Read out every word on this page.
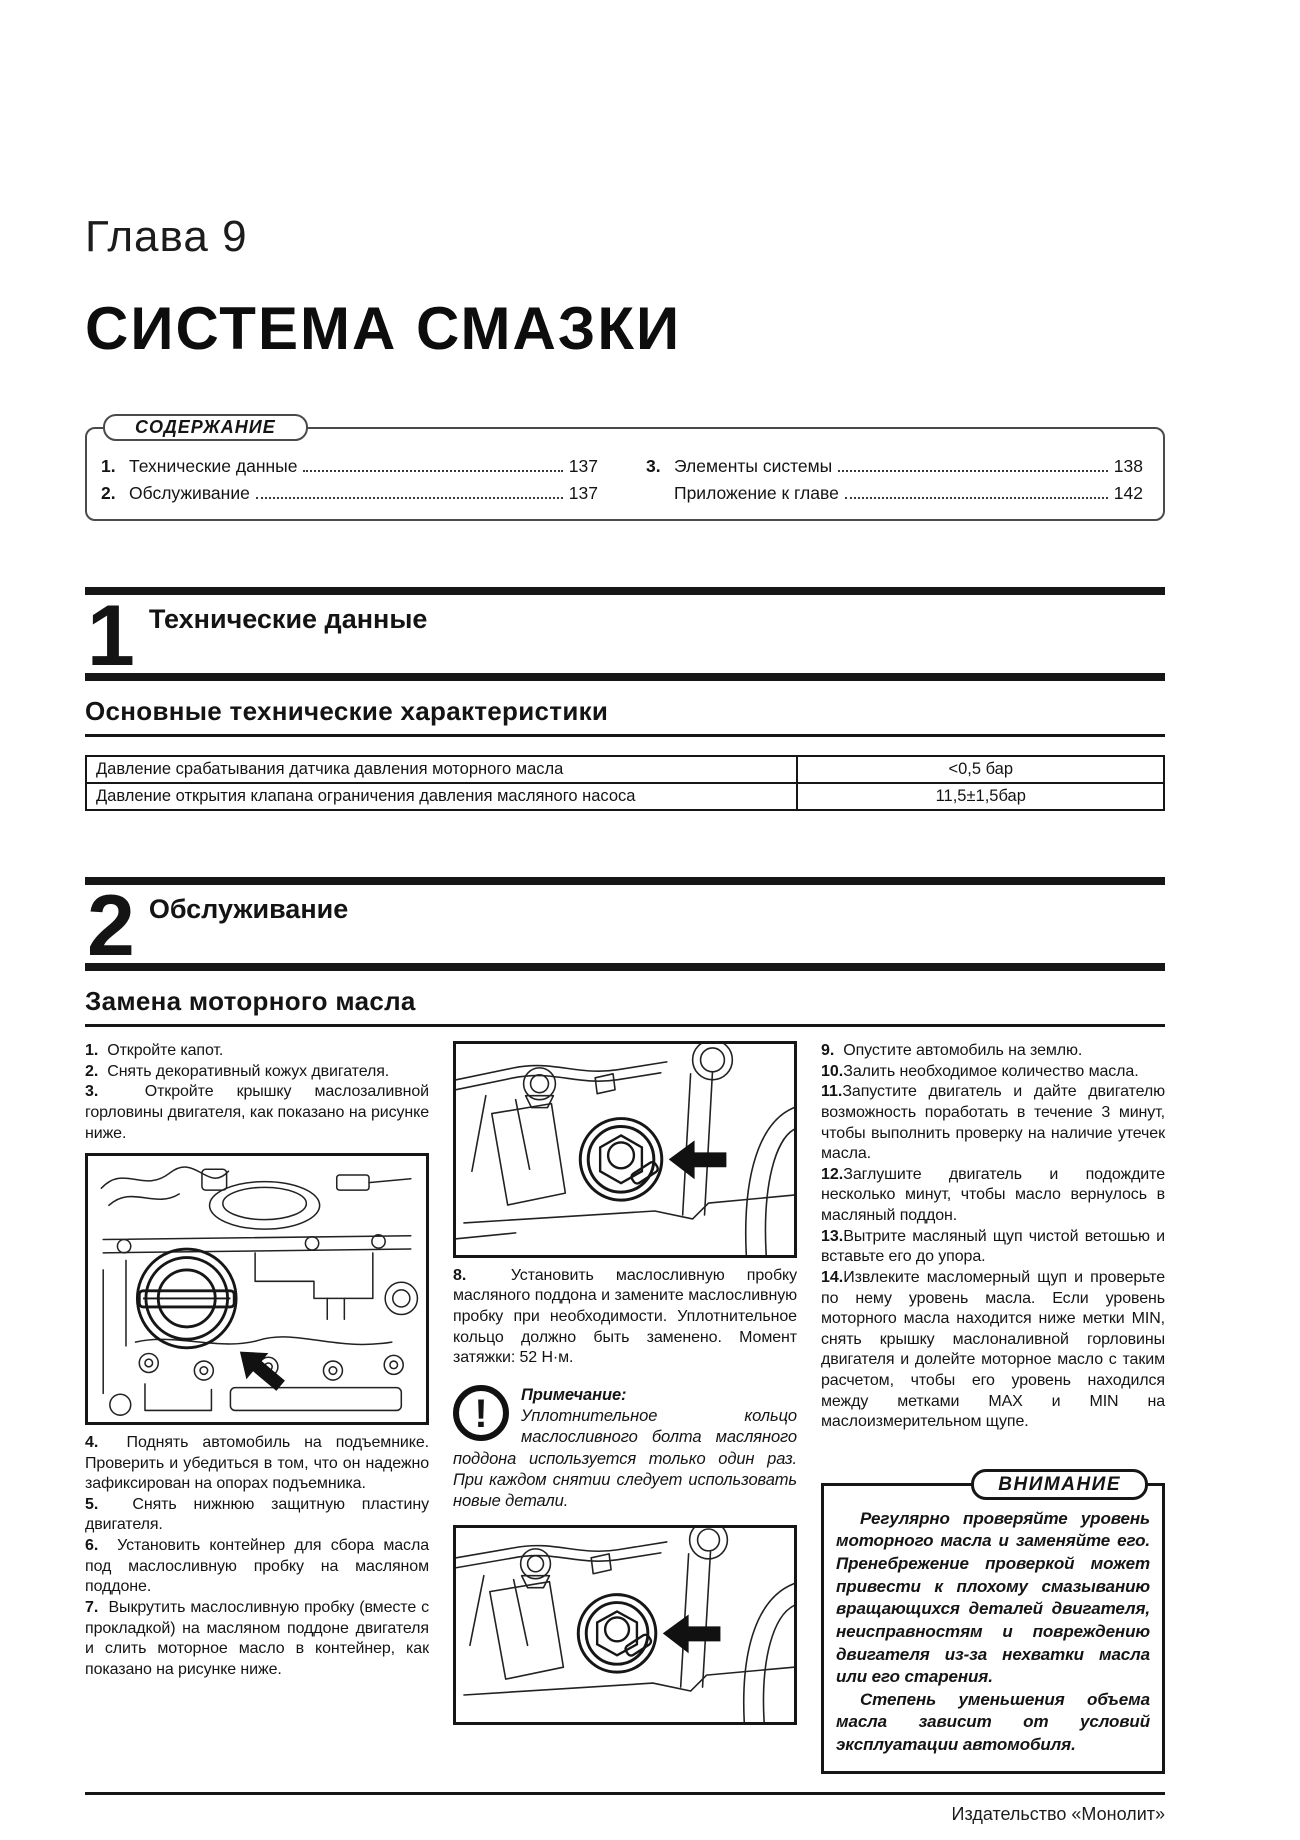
Глава 9
СИСТЕМА СМАЗКИ
СОДЕРЖАНИЕ
1. Технические данные	137
2. Обслуживание	137
3. Элементы системы	138
Приложение к главе	142
1 Технические данные
Основные технические характеристики
Давление срабатывания датчика давления моторного масла	<0,5 бар
Давление открытия клапана ограничения давления масляного насоса	11,5±1,5бар
2 Обслуживание
Замена моторного масла

1.  Откройте капот.

2.  Снять декоративный кожух двигателя.

3.  Откройте крышку маслозаливной горловины двигателя, как показано на рисунке ниже.

4.  Поднять автомобиль на подъемнике. Проверить и убедиться в том, что он надежно зафиксирован на опорах подъемника.

5.  Снять нижнюю защитную пластину двигателя.

6.  Установить контейнер для сбора масла под маслосливную пробку на масляном поддоне.

7.  Выкрутить маслосливную пробку (вместе с прокладкой) на масляном поддоне двигателя и слить моторное масло в контейнер, как показано на рисунке ниже.

8.  Установить маслосливную пробку масляного поддона и замените маслосливную пробку при необходимости. Уплотнительное кольцо должно быть заменено. Момент затяжки: 52 Н·м.

!	Примечание:
Уплотнительное кольцо маслосливного болта масляного поддона используется только один раз. При каждом снятии следует использовать новые детали.

9.  Опустите автомобиль на землю.

10.Залить необходимое количество масла.

11.Запустите двигатель и дайте двигателю возможность поработать в течение 3 минут, чтобы выполнить проверку на наличие утечек масла.

12.Заглушите двигатель и подождите несколько минут, чтобы масло вернулось в масляный поддон.

13.Вытрите масляный щуп чистой ветошью и вставьте его до упора.

14.Извлеките масломерный щуп и проверьте по нему уровень масла. Если уровень моторного масла находится ниже метки MIN, снять крышку маслоналивной горловины двигателя и долейте моторное масло с таким расчетом, чтобы его уровень находился между метками MAX и MIN на маслоизмерительном щупе.

ВНИМАНИЕ

Регулярно проверяйте уровень моторного масла и заменяйте его. Пренебрежение проверкой может привести к плохому смазыванию вращающихся деталей двигателя, неисправностям и повреждению двигателя из-за нехватки масла или его старения.

Степень уменьшения объема масла зависит от условий эксплуатации автомобиля.

Издательство «Монолит»
